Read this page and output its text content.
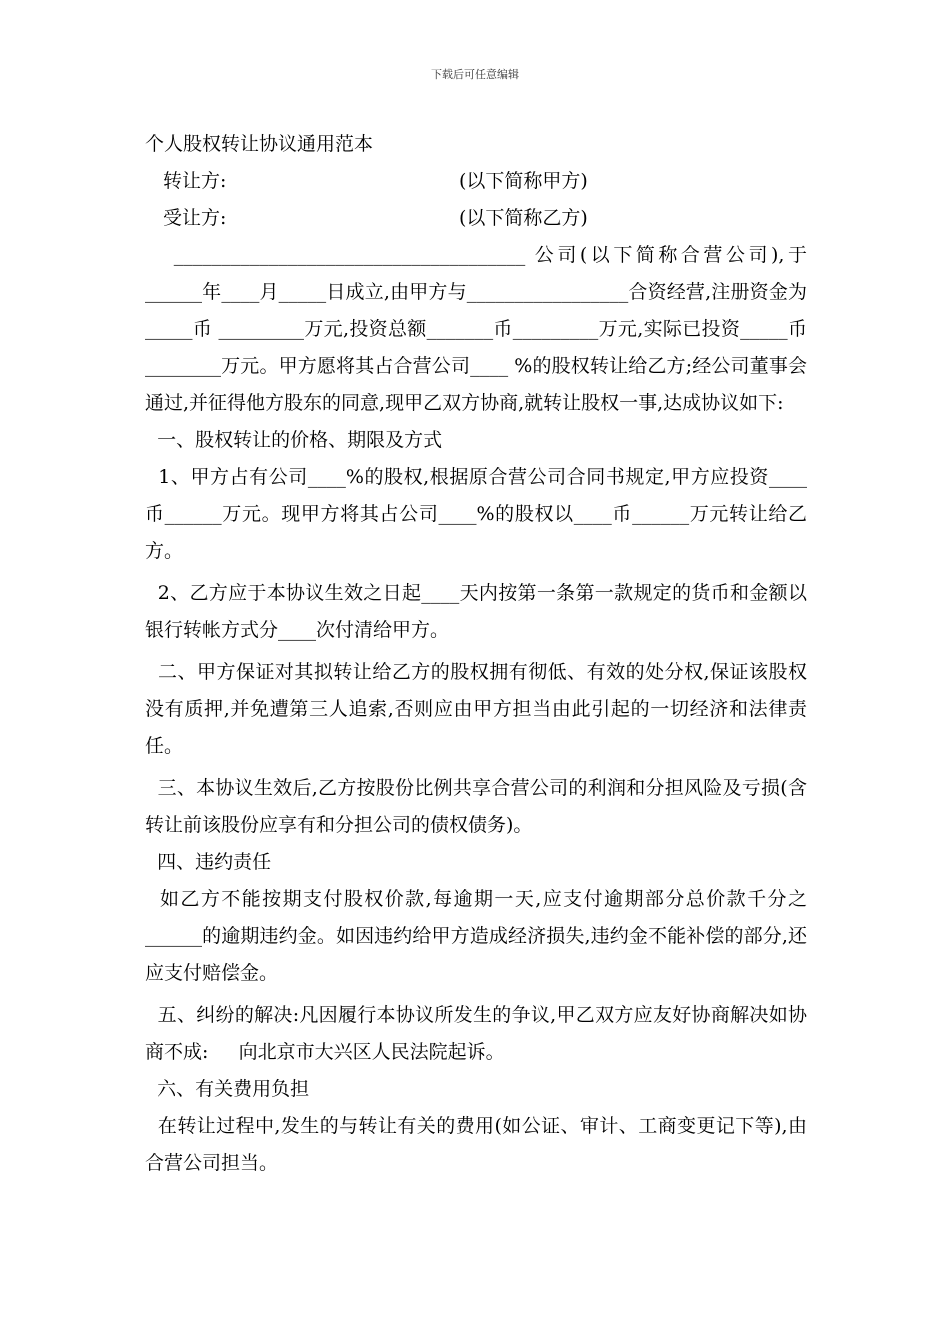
下载后可任意编辑

个人股权转让协议通用范本

转让方:	(以下简称甲方)
受让方:	(以下简称乙方)

_____________________________________ 公司(以下简称合营公司),于______年____月_____日成立,由甲方与_________________合资经营,注册资金为_____币 _________万元,投资总额_______币_________万元,实际已投资_____币________万元。甲方愿将其占合营公司____ %的股权转让给乙方;经公司董事会通过,并征得他方股东的同意,现甲乙双方协商,就转让股权一事,达成协议如下:

一、股权转让的价格、期限及方式

1、甲方占有公司____%的股权,根据原合营公司合同书规定,甲方应投资____币______万元。现甲方将其占公司____%的股权以____币______万元转让给乙方。

2、乙方应于本协议生效之日起____天内按第一条第一款规定的货币和金额以银行转帐方式分____次付清给甲方。

二、甲方保证对其拟转让给乙方的股权拥有彻低、有效的处分权,保证该股权没有质押,并免遭第三人追索,否则应由甲方担当由此引起的一切经济和法律责任。

三、本协议生效后,乙方按股份比例共享合营公司的利润和分担风险及亏损(含转让前该股份应享有和分担公司的债权债务)。

四、违约责任

如乙方不能按期支付股权价款,每逾期一天,应支付逾期部分总价款千分之______的逾期违约金。如因违约给甲方造成经济损失,违约金不能补偿的部分,还应支付赔偿金。

五、纠纷的解决:凡因履行本协议所发生的争议,甲乙双方应友好协商解决如协商不成:     向北京市大兴区人民法院起诉。

六、有关费用负担

在转让过程中,发生的与转让有关的费用(如公证、审计、工商变更记下等),由合营公司担当。
